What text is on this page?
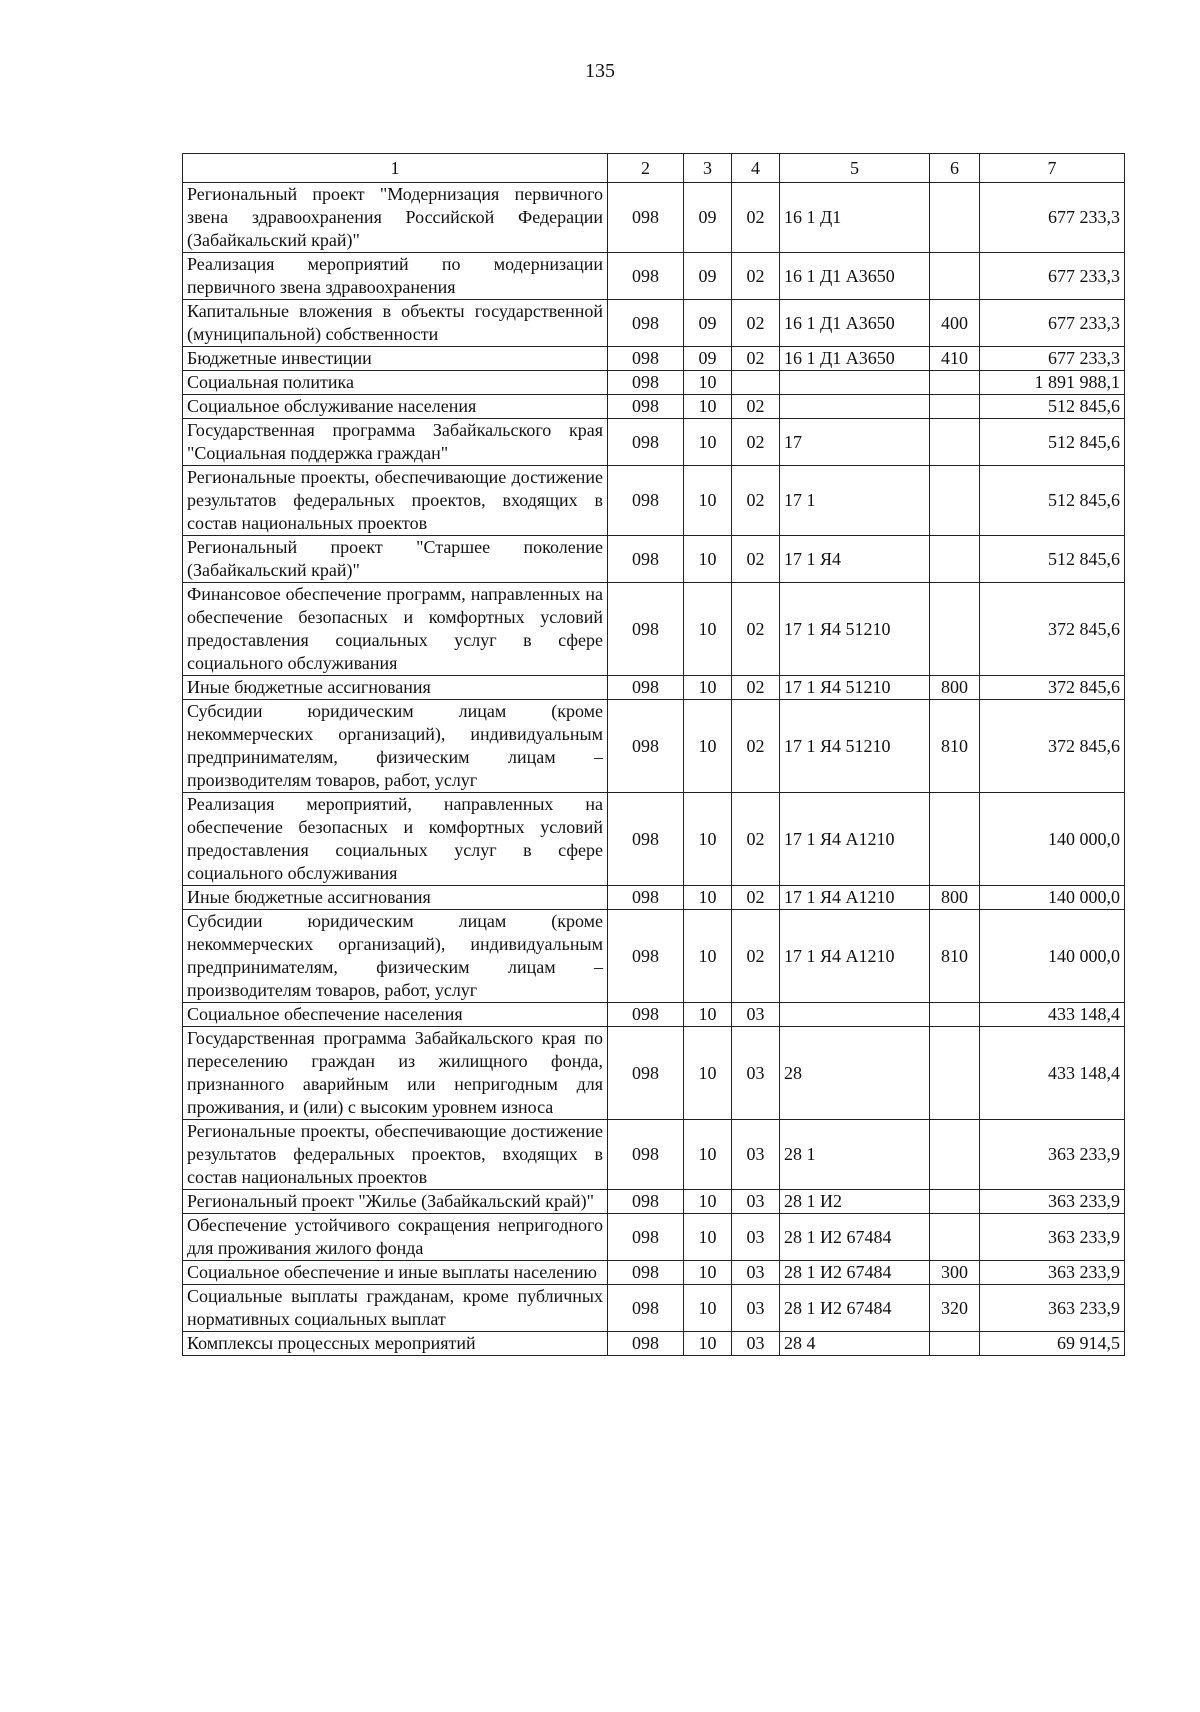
135
1	2	3	4	5	6	7
Региональный проект "Модернизация первичного звена здравоохранения Российской Федерации (Забайкальский край)"	098	09	02	16 1 Д1		677 233,3
Реализация мероприятий по модернизации первичного звена здравоохранения	098	09	02	16 1 Д1 А3650		677 233,3
Капитальные вложения в объекты государственной (муниципальной) собственности	098	09	02	16 1 Д1 А3650	400	677 233,3
Бюджетные инвестиции	098	09	02	16 1 Д1 А3650	410	677 233,3
Социальная политика	098	10				1 891 988,1
Социальное обслуживание населения	098	10	02			512 845,6
Государственная программа Забайкальского края "Социальная поддержка граждан"	098	10	02	17		512 845,6
Региональные проекты, обеспечивающие достижение результатов федеральных проектов, входящих в состав национальных проектов	098	10	02	17 1		512 845,6
Региональный проект "Старшее поколение (Забайкальский край)"	098	10	02	17 1 Я4		512 845,6
Финансовое обеспечение программ, направленных на обеспечение безопасных и комфортных условий предоставления социальных услуг в сфере социального обслуживания	098	10	02	17 1 Я4 51210		372 845,6
Иные бюджетные ассигнования	098	10	02	17 1 Я4 51210	800	372 845,6
Субсидии юридическим лицам (кроме некоммерческих организаций), индивидуальным предпринимателям, физическим лицам – производителям товаров, работ, услуг	098	10	02	17 1 Я4 51210	810	372 845,6
Реализация мероприятий, направленных на обеспечение безопасных и комфортных условий предоставления социальных услуг в сфере социального обслуживания	098	10	02	17 1 Я4 А1210		140 000,0
Иные бюджетные ассигнования	098	10	02	17 1 Я4 А1210	800	140 000,0
Субсидии юридическим лицам (кроме некоммерческих организаций), индивидуальным предпринимателям, физическим лицам – производителям товаров, работ, услуг	098	10	02	17 1 Я4 А1210	810	140 000,0
Социальное обеспечение населения	098	10	03			433 148,4
Государственная программа Забайкальского края по переселению граждан из жилищного фонда, признанного аварийным или непригодным для проживания, и (или) с высоким уровнем износа	098	10	03	28		433 148,4
Региональные проекты, обеспечивающие достижение результатов федеральных проектов, входящих в состав национальных проектов	098	10	03	28 1		363 233,9
Региональный проект "Жилье (Забайкальский край)"	098	10	03	28 1 И2		363 233,9
Обеспечение устойчивого сокращения непригодного для проживания жилого фонда	098	10	03	28 1 И2 67484		363 233,9
Социальное обеспечение и иные выплаты населению	098	10	03	28 1 И2 67484	300	363 233,9
Социальные выплаты гражданам, кроме публичных нормативных социальных выплат	098	10	03	28 1 И2 67484	320	363 233,9
Комплексы процессных мероприятий	098	10	03	28 4		69 914,5
